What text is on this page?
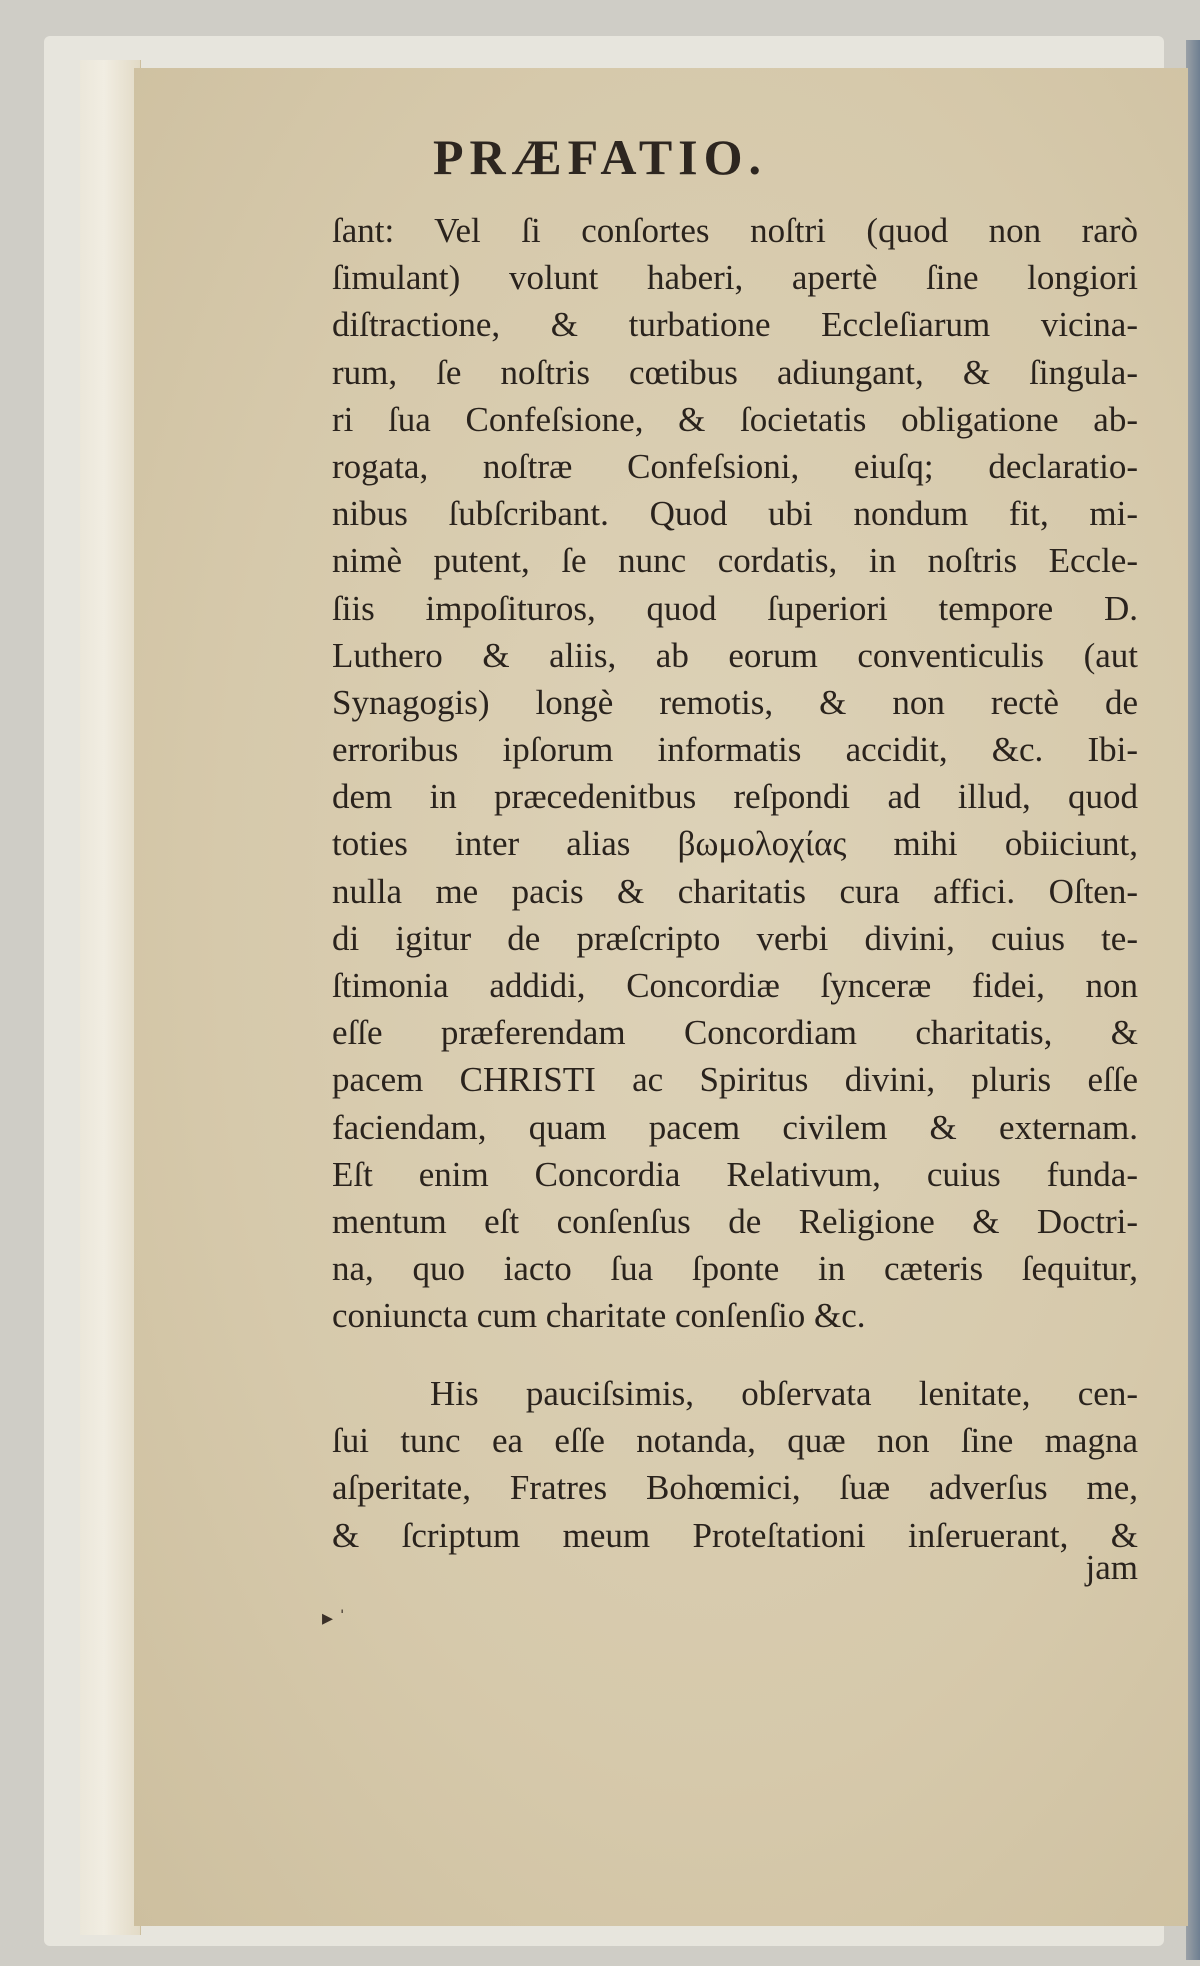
PRÆFATIO.
ſant: Vel ſi conſortes noſtri (quod non rarò
ſimulant) volunt haberi, apertè ſine longiori
diſtractione, & turbatione Eccleſiarum vicina-
rum, ſe noſtris cœtibus adiungant, & ſingula-
ri ſua Confeſsione, & ſocietatis obligatione ab-
rogata, noſtræ Confeſsioni, eiuſq; declaratio-
nibus ſubſcribant. Quod ubi nondum fit, mi-
nimè putent, ſe nunc cordatis, in noſtris Eccle-
ſiis impoſituros, quod ſuperiori tempore D.
Luthero & aliis, ab eorum conventiculis (aut
Synagogis) longè remotis, & non rectè de
erroribus ipſorum informatis accidit, &c. Ibi-
dem in præcedenitbus reſpondi ad illud, quod
toties inter alias βωμολοχίας mihi obiiciunt,
nulla me pacis & charitatis cura affici. Oſten-
di igitur de præſcripto verbi divini, cuius te-
ſtimonia addidi, Concordiæ ſynceræ fidei, non
eſſe præferendam Concordiam charitatis, &
pacem CHRISTI ac Spiritus divini, pluris eſſe
faciendam, quam pacem civilem & externam.
Eſt enim Concordia Relativum, cuius funda-
mentum eſt conſenſus de Religione & Doctri-
na, quo iacto ſua ſponte in cæteris ſequitur,
coniuncta cum charitate conſenſio &c.
His pauciſsimis, obſervata lenitate, cen-
ſui tunc ea eſſe notanda, quæ non ſine magna
aſperitate, Fratres Bohœmici, ſuæ adverſus me,
& ſcriptum meum Proteſtationi inſeruerant, &
jam
▸ ˈ
